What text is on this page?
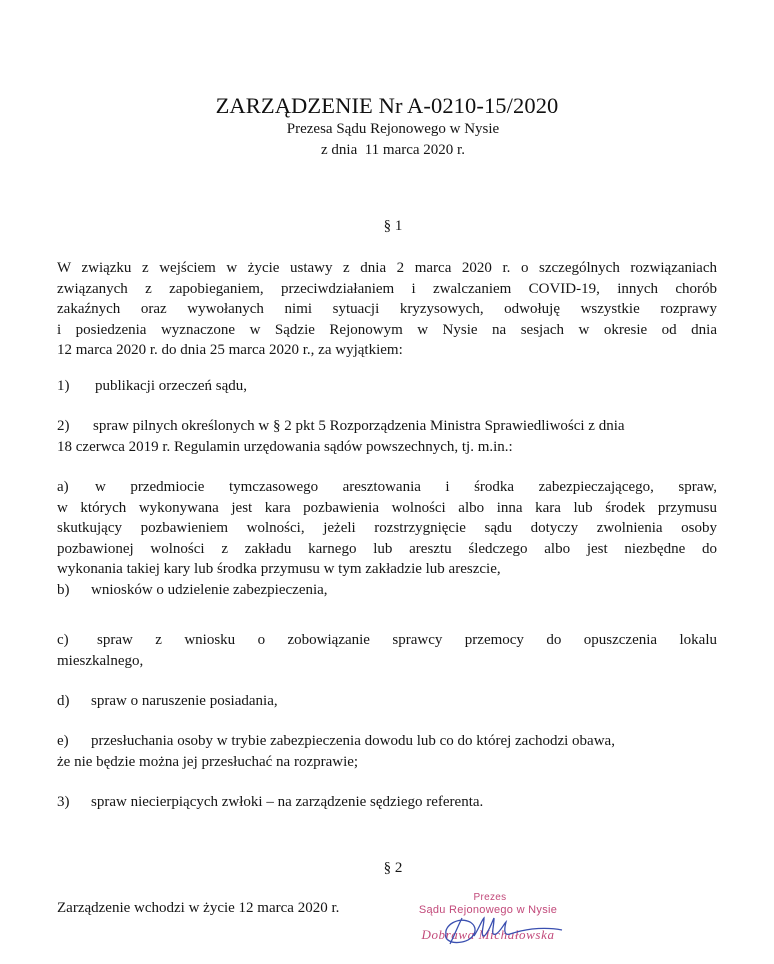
ZARZĄDZENIE Nr A-0210-15/2020
Prezesa Sądu Rejonowego w Nysie
z dnia  11 marca 2020 r.
§ 1
W związku z wejściem w życie ustawy z dnia 2 marca 2020 r. o szczególnych rozwiązaniach
związanych z zapobieganiem, przeciwdziałaniem i zwalczaniem COVID-19, innych chorób
zakaźnych oraz wywołanych nimi sytuacji kryzysowych, odwołuję wszystkie rozprawy
i posiedzenia wyznaczone w Sądzie Rejonowym w Nysie na sesjach w okresie od dnia
12 marca 2020 r. do dnia 25 marca 2020 r., za wyjątkiem:
1) publikacji orzeczeń sądu,
2) spraw pilnych określonych w § 2 pkt 5 Rozporządzenia Ministra Sprawiedliwości z dnia
18 czerwca 2019 r. Regulamin urzędowania sądów powszechnych, tj. m.in.:
a) w przedmiocie tymczasowego aresztowania i środka zabezpieczającego, spraw,
w których wykonywana jest kara pozbawienia wolności albo inna kara lub środek przymusu
skutkujący pozbawieniem wolności, jeżeli rozstrzygnięcie sądu dotyczy zwolnienia osoby
pozbawionej wolności z zakładu karnego lub aresztu śledczego albo jest niezbędne do
wykonania takiej kary lub środka przymusu w tym zakładzie lub areszcie,
b) wniosków o udzielenie zabezpieczenia,
c) spraw z wniosku o zobowiązanie sprawcy przemocy do opuszczenia lokalu
mieszkalnego,
d) spraw o naruszenie posiadania,
e) przesłuchania osoby w trybie zabezpieczenia dowodu lub co do której zachodzi obawa,
że nie będzie można jej przesłuchać na rozprawie;
3) spraw niecierpiących zwłoki – na zarządzenie sędziego referenta.
§ 2
Zarządzenie wchodzi w życie 12 marca 2020 r.
Prezes
Sądu Rejonowego w Nysie
Dobrawa Michałowska
